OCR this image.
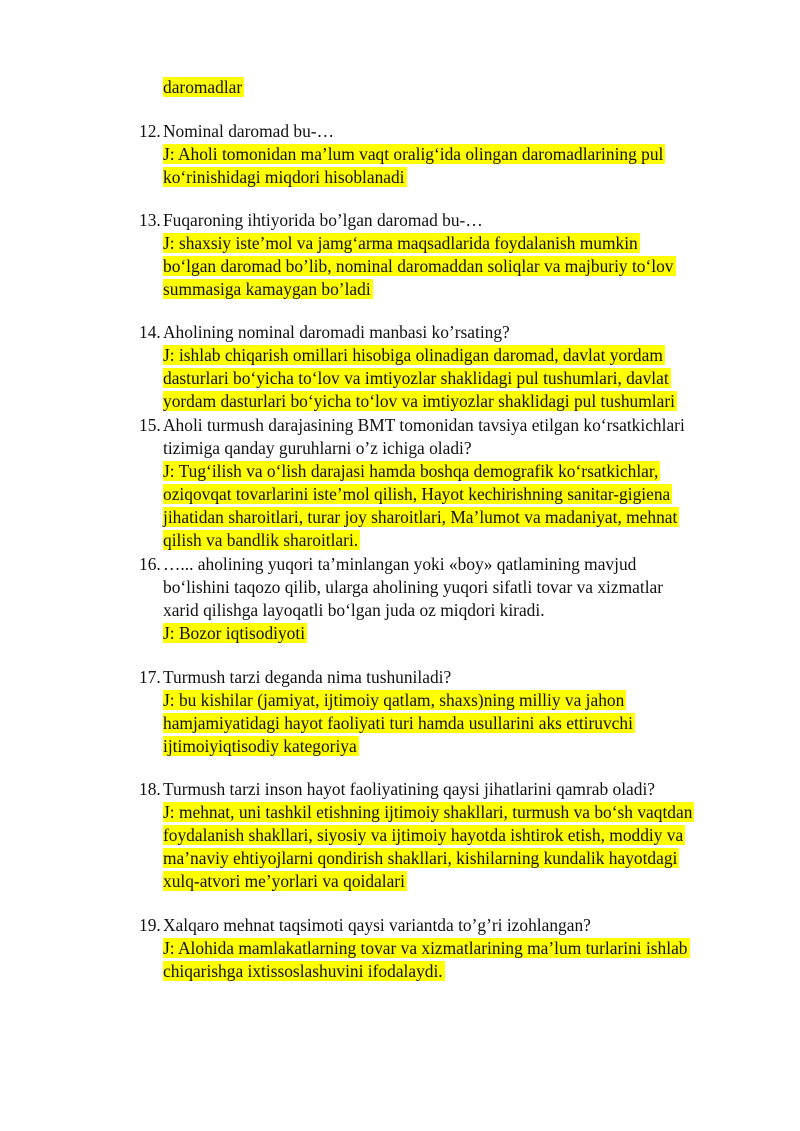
daromadlar
12. Nominal daromad bu-…
J: Aholi tomonidan ma’lum vaqt oralig‘ida olingan daromadlarining pul
ko‘rinishidagi miqdori hisoblanadi
13. Fuqaroning ihtiyorida bo’lgan daromad bu-…
J: shaxsiy iste’mol va jamg‘arma maqsadlarida foydalanish mumkin
bo‘lgan daromad bo’lib, nominal daromaddan soliqlar va majburiy to‘lov
summasiga kamaygan bo’ladi
14. Aholining nominal daromadi manbasi ko’rsating?
J: ishlab chiqarish omillari hisobiga olinadigan daromad, davlat yordam
dasturlari bo‘yicha to‘lov va imtiyozlar shaklidagi pul tushumlari, davlat
yordam dasturlari bo‘yicha to‘lov va imtiyozlar shaklidagi pul tushumlari
15. Aholi turmush darajasining BMT tomonidan tavsiya etilgan ko‘rsatkichlari
tizimiga qanday guruhlarni o’z ichiga oladi?
J: Tug‘ilish va o‘lish darajasi hamda boshqa demografik ko‘rsatkichlar,
oziqovqat tovarlarini iste’mol qilish, Hayot kechirishning sanitar-gigiena
jihatidan sharoitlari, turar joy sharoitlari, Ma’lumot va madaniyat, mehnat
qilish va bandlik sharoitlari.
16. …... aholining yuqori ta’minlangan yoki «boy» qatlamining mavjud
bo‘lishini taqozo qilib, ularga aholining yuqori sifatli tovar va xizmatlar
xarid qilishga layoqatli bo‘lgan juda oz miqdori kiradi.
J: Bozor iqtisodiyoti
17. Turmush tarzi deganda nima tushuniladi?
J: bu kishilar (jamiyat, ijtimoiy qatlam, shaxs)ning milliy va jahon
hamjamiyatidagi hayot faoliyati turi hamda usullarini aks ettiruvchi
ijtimoiyiqtisodiy kategoriya
18. Turmush tarzi inson hayot faoliyatining qaysi jihatlarini qamrab oladi?
J: mehnat, uni tashkil etishning ijtimoiy shakllari, turmush va bo‘sh vaqtdan
foydalanish shakllari, siyosiy va ijtimoiy hayotda ishtirok etish, moddiy va
ma’naviy ehtiyojlarni qondirish shakllari, kishilarning kundalik hayotdagi
xulq-atvori me’yorlari va qoidalari
19. Xalqaro mehnat taqsimoti qaysi variantda to’g’ri izohlangan?
J: Alohida mamlakatlarning tovar va xizmatlarining ma’lum turlarini ishlab
chiqarishga ixtissoslashuvini ifodalaydi.
